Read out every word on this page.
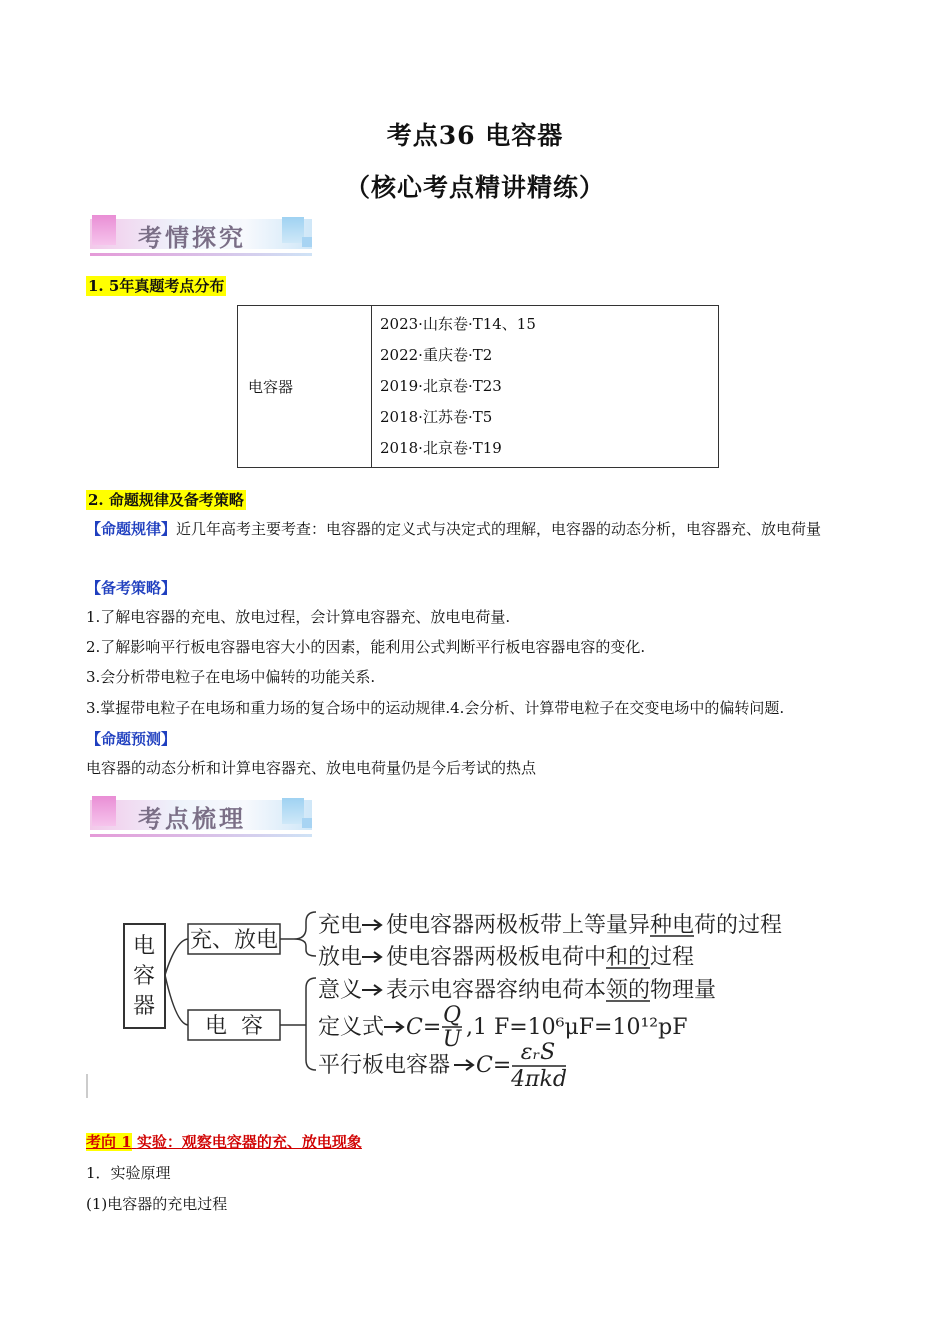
考点36 电容器
（核心考点精讲精练）
考情探究
1. 5年真题考点分布
电容器	
2023·山东卷·T14、15
2022·重庆卷·T2
2019·北京卷·T23
2018·江苏卷·T5
2018·北京卷·T19
2. 命题规律及备考策略
【命题规律】近几年高考主要考查：电容器的定义式与决定式的理解，电容器的动态分析，电容器充、放电荷量
【备考策略】
1.了解电容器的充电、放电过程，会计算电容器充、放电电荷量.
2.了解影响平行板电容器电容大小的因素，能利用公式判断平行板电容器电容的变化.
3.会分析带电粒子在电场中偏转的功能关系.
3.掌握带电粒子在电场和重力场的复合场中的运动规律.4.会分析、计算带电粒子在交变电场中的偏转问题.
【命题预测】
电容器的动态分析和计算电容器充、放电电荷量仍是今后考试的热点
考点梳理
电
容
器
充、放电
电  容
充电 使电容器两极板带上等量异种电荷的过程
放电 使电容器两极板电荷中和的过程
意义 表示电容器容纳电荷本领的物理量
定义式 C= Q
U ,1 F=10⁶μF=10¹²pF
平行板电容器 C=
εᵣS
4πkd
考向 1 实验：观察电容器的充、放电现象
1．实验原理
(1)电容器的充电过程
